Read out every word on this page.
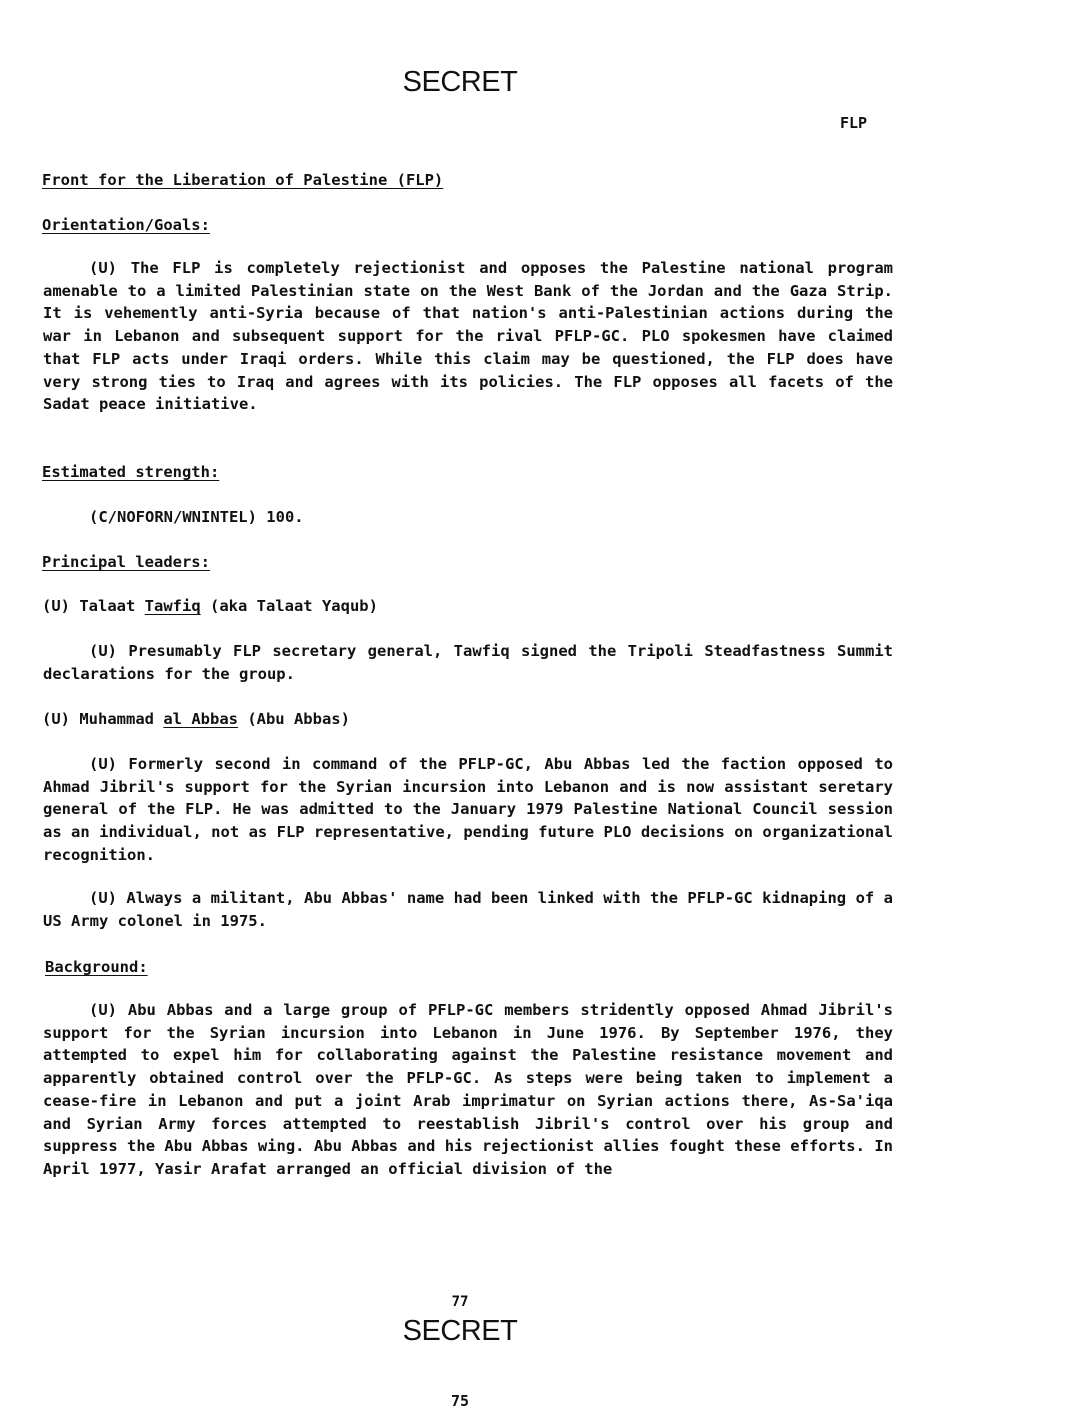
SECRET
FLP
Front for the Liberation of Palestine (FLP)
Orientation/Goals:
(U) The FLP is completely rejectionist and opposes the Palestine national program amenable to a limited Palestinian state on the West Bank of the Jordan and the Gaza Strip. It is vehemently anti-Syria because of that nation's anti-Palestinian actions during the war in Lebanon and subsequent support for the rival PFLP-GC. PLO spokesmen have claimed that FLP acts under Iraqi orders. While this claim may be questioned, the FLP does have very strong ties to Iraq and agrees with its policies. The FLP opposes all facets of the Sadat peace initiative.
Estimated strength:
(C/NOFORN/WNINTEL) 100.
Principal leaders:
(U) Talaat Tawfiq (aka Talaat Yaqub)
(U) Presumably FLP secretary general, Tawfiq signed the Tripoli Steadfastness Summit declarations for the group.
(U) Muhammad al Abbas (Abu Abbas)
(U) Formerly second in command of the PFLP-GC, Abu Abbas led the faction opposed to Ahmad Jibril's support for the Syrian incursion into Lebanon and is now assistant seretary general of the FLP. He was admitted to the January 1979 Palestine National Council session as an individual, not as FLP representative, pending future PLO decisions on organizational recognition.
(U) Always a militant, Abu Abbas' name had been linked with the PFLP-GC kidnaping of a US Army colonel in 1975.
Background:
(U) Abu Abbas and a large group of PFLP-GC members stridently opposed Ahmad Jibril's support for the Syrian incursion into Lebanon in June 1976. By September 1976, they attempted to expel him for collaborating against the Palestine resistance movement and apparently obtained control over the PFLP-GC. As steps were being taken to implement a cease-fire in Lebanon and put a joint Arab imprimatur on Syrian actions there, As-Sa'iqa and Syrian Army forces attempted to reestablish Jibril's control over his group and suppress the Abu Abbas wing. Abu Abbas and his rejectionist allies fought these efforts. In April 1977, Yasir Arafat arranged an official division of the
77
SECRET
75
